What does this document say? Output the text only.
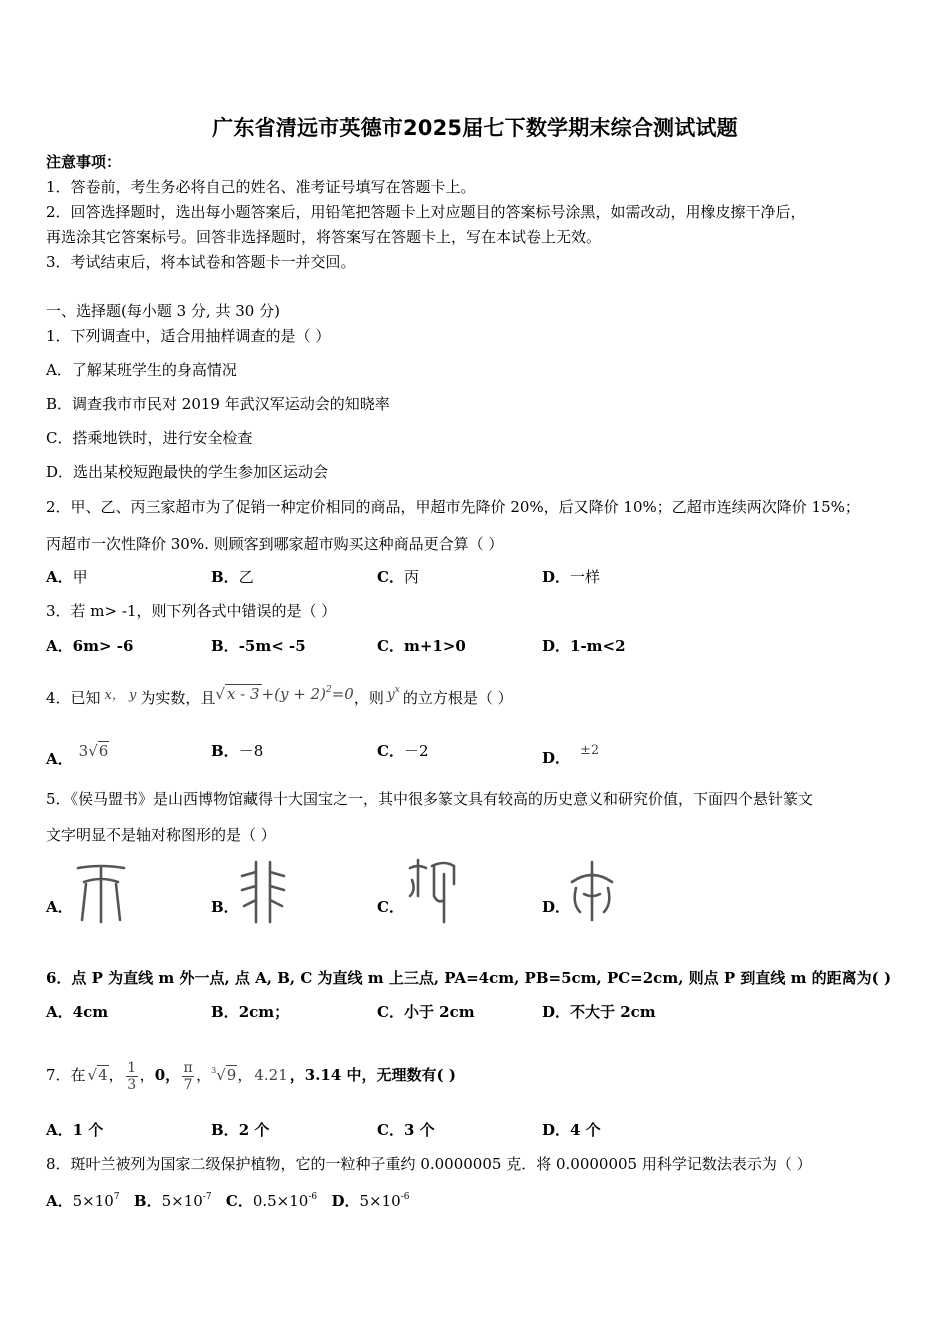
广东省清远市英德市2025届七下数学期末综合测试试题
注意事项：
1．答卷前，考生务必将自己的姓名、准考证号填写在答题卡上。
2．回答选择题时，选出每小题答案后，用铅笔把答题卡上对应题目的答案标号涂黑，如需改动，用橡皮擦干净后，
再选涂其它答案标号。回答非选择题时，将答案写在答题卡上，写在本试卷上无效。
3．考试结束后，将本试卷和答题卡一并交回。
一、选择题(每小题 3 分, 共 30 分)
1．下列调查中，适合用抽样调查的是（ ）
A．了解某班学生的身高情况
B．调查我市市民对 2019 年武汉军运动会的知晓率
C．搭乘地铁时，进行安全检查
D．选出某校短跑最快的学生参加区运动会
2．甲、乙、丙三家超市为了促销一种定价相同的商品，甲超市先降价 20%，后又降价 10%；乙超市连续两次降价 15%；
丙超市一次性降价 30%. 则顾客到哪家超市购买这种商品更合算（ ）
A．甲	B．乙	C．丙	D．一样
3．若 m> -1，则下列各式中错误的是（ ）
A．6m> -6	B．-5m< -5	C．m+1>0	D．1-m<2
4．已知 x， y 为实数，且√ $x - 3 +(y + 2)^2=0$，则 $y^x$ 的立方根是（ ）
A． 3√6	B．－8	C．－2	D． ±2
5．《侯马盟书》是山西博物馆藏得十大国宝之一，其中很多篆文具有较高的历史意义和研究价值，下面四个悬针篆文
文字明显不是轴对称图形的是（ ）
A．	B．	C．	D．
6．点 P 为直线 m 外一点, 点 A, B, C 为直线 m 上三点, PA=4cm, PB=5cm, PC=2cm, 则点 P 到直线 m 的距离为( )
A．4cm	B．2cm；	C．小于 2cm	D．不大于 2cm
7．在 √4， $\frac{1}{3}$ ，0， $\frac{\pi}{7}$ ，$^3$√9， 4.21 ，3.14 中，无理数有( )
A．1 个	B．2 个	C．3 个	D．4 个
8．斑叶兰被列为国家二级保护植物，它的一粒种子重约 0.0000005 克．将 0.0000005 用科学记数法表示为（ ）
A．$5\times 10^7$ B．$5\times 10^{-7}$ C．$0.5\times 10^{-6}$ D．$5\times 10^{-6}$
